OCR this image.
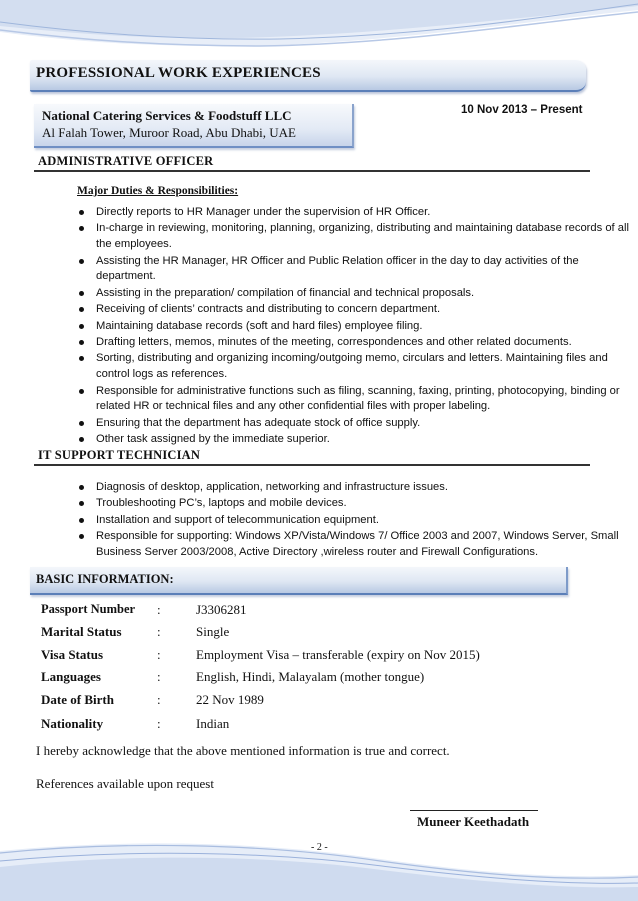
PROFESSIONAL WORK EXPERIENCES
National Catering Services & Foodstuff LLC
Al Falah Tower, Muroor Road, Abu Dhabi, UAE
10 Nov 2013 – Present
ADMINISTRATIVE OFFICER
Major Duties & Responsibilities:
Directly reports to HR Manager under the supervision of HR Officer.
In-charge in reviewing, monitoring, planning, organizing, distributing and maintaining database records of all the employees.
Assisting the HR Manager, HR Officer and Public Relation officer in the day to day activities of the department.
Assisting in the preparation/ compilation of financial and technical proposals.
Receiving of clients’ contracts and distributing to concern department.
Maintaining database records (soft and hard files) employee filing.
Drafting letters, memos, minutes of the meeting, correspondences and other related documents.
Sorting, distributing and organizing incoming/outgoing memo, circulars and letters. Maintaining files and control logs as references.
Responsible for administrative functions such as filing, scanning, faxing, printing, photocopying, binding or related HR or technical files and any other confidential files with proper labeling.
Ensuring that the department has adequate stock of office supply.
Other task assigned by the immediate superior.
IT SUPPORT TECHNICIAN
Diagnosis of desktop, application, networking and infrastructure issues.
Troubleshooting PC’s, laptops and mobile devices.
Installation and support of telecommunication equipment.
Responsible for supporting: Windows XP/Vista/Windows 7/ Office 2003 and 2007, Windows Server, Small Business Server 2003/2008, Active Directory ,wireless router and Firewall Configurations.
BASIC INFORMATION:
Passport Number :	J3306281
Marital Status	:	Single
Visa Status	:	Employment Visa – transferable (expiry on Nov 2015)
Languages	:	English, Hindi, Malayalam (mother tongue)
Date of Birth	:	22 Nov 1989
Nationality	:	Indian
I hereby acknowledge that the above mentioned information is true and correct.
References available upon request
Muneer Keethadath
- 2 -
